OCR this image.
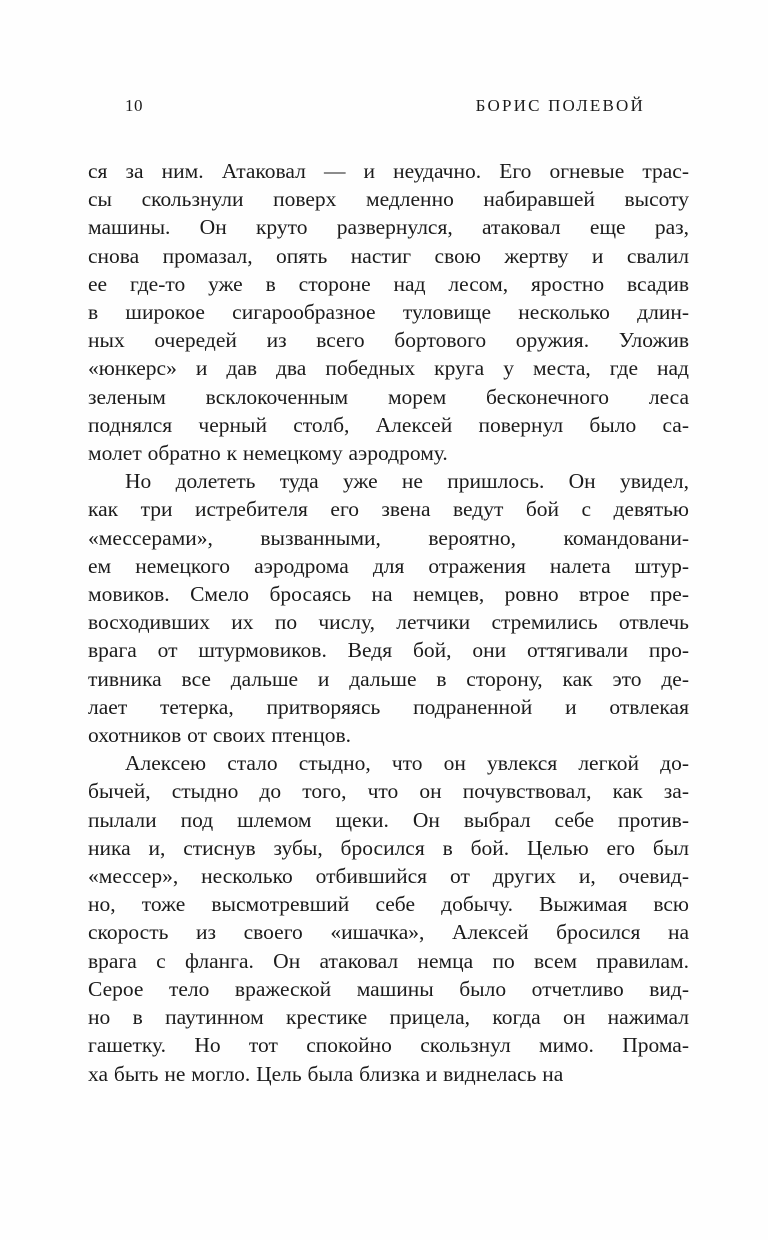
10	БОРИС ПОЛЕВОЙ
ся за ним. Атаковал — и неудачно. Его огневые трас-
сы скользнули поверх медленно набиравшей высоту
машины. Он круто развернулся, атаковал еще раз,
снова промазал, опять настиг свою жертву и свалил
ее где-то уже в стороне над лесом, яростно всадив
в широкое сигарообразное туловище несколько длин-
ных очередей из всего бортового оружия. Уложив
«юнкерс» и дав два победных круга у места, где над
зеленым всклокоченным морем бесконечного леса
поднялся черный столб, Алексей повернул было са-
молет обратно к немецкому аэродрому.
Но долететь туда уже не пришлось. Он увидел,
как три истребителя его звена ведут бой с девятью
«мессерами», вызванными, вероятно, командовани-
ем немецкого аэродрома для отражения налета штур-
мовиков. Смело бросаясь на немцев, ровно втрое пре-
восходивших их по числу, летчики стремились отвлечь
врага от штурмовиков. Ведя бой, они оттягивали про-
тивника все дальше и дальше в сторону, как это де-
лает тетерка, притворяясь подраненной и отвлекая
охотников от своих птенцов.
Алексею стало стыдно, что он увлекся легкой до-
бычей, стыдно до того, что он почувствовал, как за-
пылали под шлемом щеки. Он выбрал себе против-
ника и, стиснув зубы, бросился в бой. Целью его был
«мессер», несколько отбившийся от других и, очевид-
но, тоже высмотревший себе добычу. Выжимая всю
скорость из своего «ишачка», Алексей бросился на
врага с фланга. Он атаковал немца по всем правилам.
Серое тело вражеской машины было отчетливо вид-
но в паутинном крестике прицела, когда он нажимал
гашетку. Но тот спокойно скользнул мимо. Прома-
ха быть не могло. Цель была близка и виднелась на
